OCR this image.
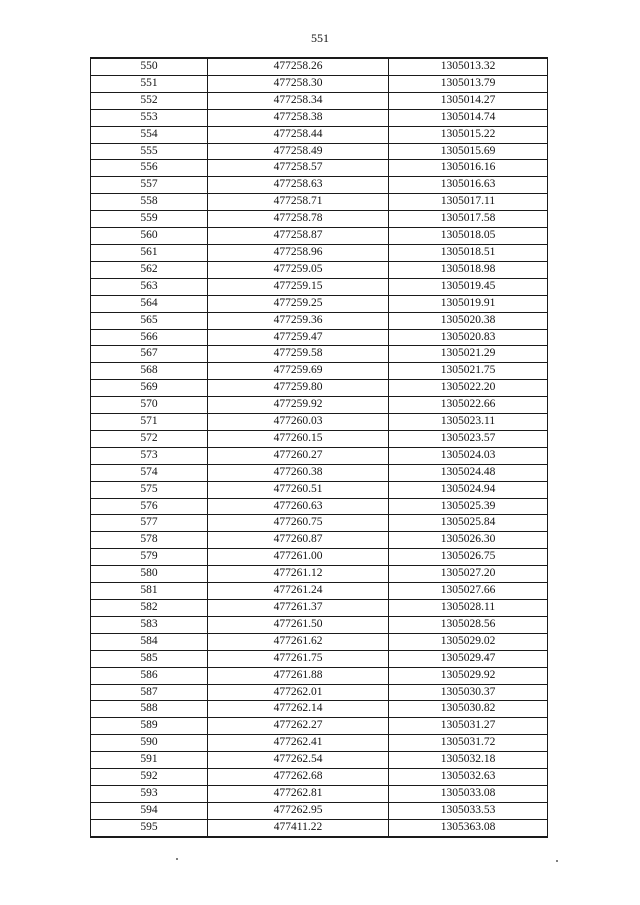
551
550	477258.26	1305013.32
551	477258.30	1305013.79
552	477258.34	1305014.27
553	477258.38	1305014.74
554	477258.44	1305015.22
555	477258.49	1305015.69
556	477258.57	1305016.16
557	477258.63	1305016.63
558	477258.71	1305017.11
559	477258.78	1305017.58
560	477258.87	1305018.05
561	477258.96	1305018.51
562	477259.05	1305018.98
563	477259.15	1305019.45
564	477259.25	1305019.91
565	477259.36	1305020.38
566	477259.47	1305020.83
567	477259.58	1305021.29
568	477259.69	1305021.75
569	477259.80	1305022.20
570	477259.92	1305022.66
571	477260.03	1305023.11
572	477260.15	1305023.57
573	477260.27	1305024.03
574	477260.38	1305024.48
575	477260.51	1305024.94
576	477260.63	1305025.39
577	477260.75	1305025.84
578	477260.87	1305026.30
579	477261.00	1305026.75
580	477261.12	1305027.20
581	477261.24	1305027.66
582	477261.37	1305028.11
583	477261.50	1305028.56
584	477261.62	1305029.02
585	477261.75	1305029.47
586	477261.88	1305029.92
587	477262.01	1305030.37
588	477262.14	1305030.82
589	477262.27	1305031.27
590	477262.41	1305031.72
591	477262.54	1305032.18
592	477262.68	1305032.63
593	477262.81	1305033.08
594	477262.95	1305033.53
595	477411.22	1305363.08
